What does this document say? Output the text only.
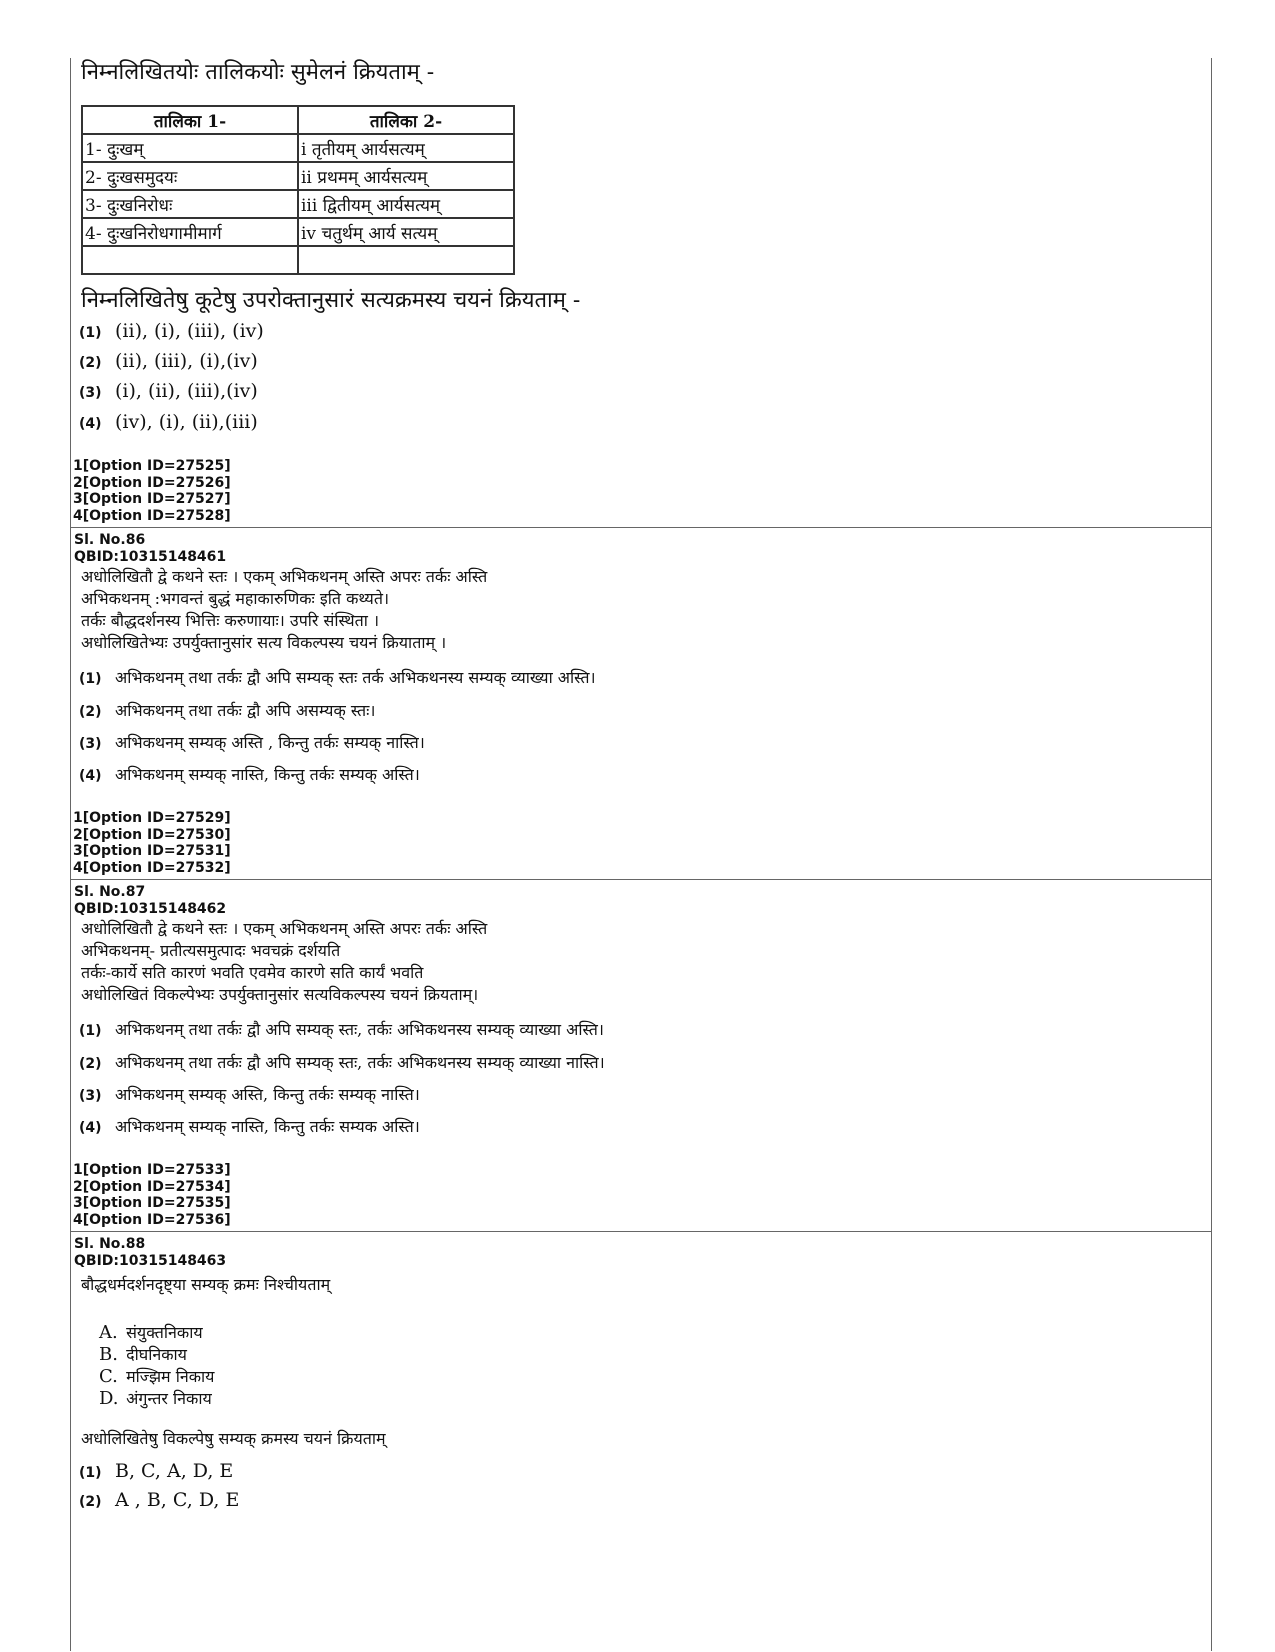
निम्नलिखितयोः तालिकयोः सुमेलनं क्रियताम् -
तालिका 1-	तालिका 2-
1- दुःखम्	i तृतीयम् आर्यसत्यम्
2- दुःखसमुदयः	ii प्रथमम् आर्यसत्यम्
3- दुःखनिरोधः	iii द्वितीयम् आर्यसत्यम्
4- दुःखनिरोधगामीमार्ग	iv चतुर्थम् आर्य सत्यम्

निम्नलिखितेषु कूटेषु उपरोक्तानुसारं सत्यक्रमस्य चयनं क्रियताम् -
(1) (ii), (i), (iii), (iv)
(2) (ii), (iii), (i),(iv)
(3) (i), (ii), (iii),(iv)
(4) (iv), (i), (ii),(iii)
1[Option ID=27525]
2[Option ID=27526]
3[Option ID=27527]
4[Option ID=27528]
Sl. No.86
QBID:10315148461
अधोलिखितौ द्वे कथने स्तः । एकम् अभिकथनम् अस्ति अपरः तर्कः अस्ति
अभिकथनम् :भगवन्तं बुद्धं महाकारुणिकः इति कथ्यते।
तर्कः बौद्धदर्शनस्य भित्तिः करुणायाः। उपरि संस्थिता ।
अधोलिखितेभ्यः उपर्युक्तानुसांर सत्य विकल्पस्य चयनं क्रियाताम् ।
(1) अभिकथनम् तथा तर्कः द्वौ अपि सम्यक् स्तः तर्क अभिकथनस्य सम्यक् व्याख्या अस्ति।
(2) अभिकथनम् तथा तर्कः द्वौ अपि असम्यक् स्तः।
(3) अभिकथनम् सम्यक् अस्ति , किन्तु तर्कः सम्यक् नास्ति।
(4) अभिकथनम् सम्यक् नास्ति, किन्तु तर्कः सम्यक् अस्ति।
1[Option ID=27529]
2[Option ID=27530]
3[Option ID=27531]
4[Option ID=27532]
Sl. No.87
QBID:10315148462
अधोलिखितौ द्वे कथने स्तः । एकम् अभिकथनम् अस्ति अपरः तर्कः अस्ति
अभिकथनम्- प्रतीत्यसमुत्पादः भवचक्रं दर्शयति
तर्कः-कार्ये सति कारणं भवति एवमेव कारणे सति कार्यं भवति
अधोलिखितं विकल्पेभ्यः उपर्युक्तानुसांर सत्यविकल्पस्य चयनं क्रियताम्।
(1) अभिकथनम् तथा तर्कः द्वौ अपि सम्यक् स्तः, तर्कः अभिकथनस्य सम्यक् व्याख्या अस्ति।
(2) अभिकथनम् तथा तर्कः द्वौ अपि सम्यक् स्तः, तर्कः अभिकथनस्य सम्यक् व्याख्या नास्ति।
(3) अभिकथनम् सम्यक् अस्ति, किन्तु तर्कः सम्यक् नास्ति।
(4) अभिकथनम् सम्यक् नास्ति, किन्तु तर्कः सम्यक अस्ति।
1[Option ID=27533]
2[Option ID=27534]
3[Option ID=27535]
4[Option ID=27536]
Sl. No.88
QBID:10315148463
बौद्धधर्मदर्शनदृष्ट्या सम्यक् क्रमः निश्चीयताम्
A. संयुक्तनिकाय
B. दीघनिकाय
C. मज्झिम निकाय
D. अंगुन्तर निकाय
अधोलिखितेषु विकल्पेषु सम्यक् क्रमस्य चयनं क्रियताम्
(1) B, C, A, D, E
(2) A , B, C, D, E
